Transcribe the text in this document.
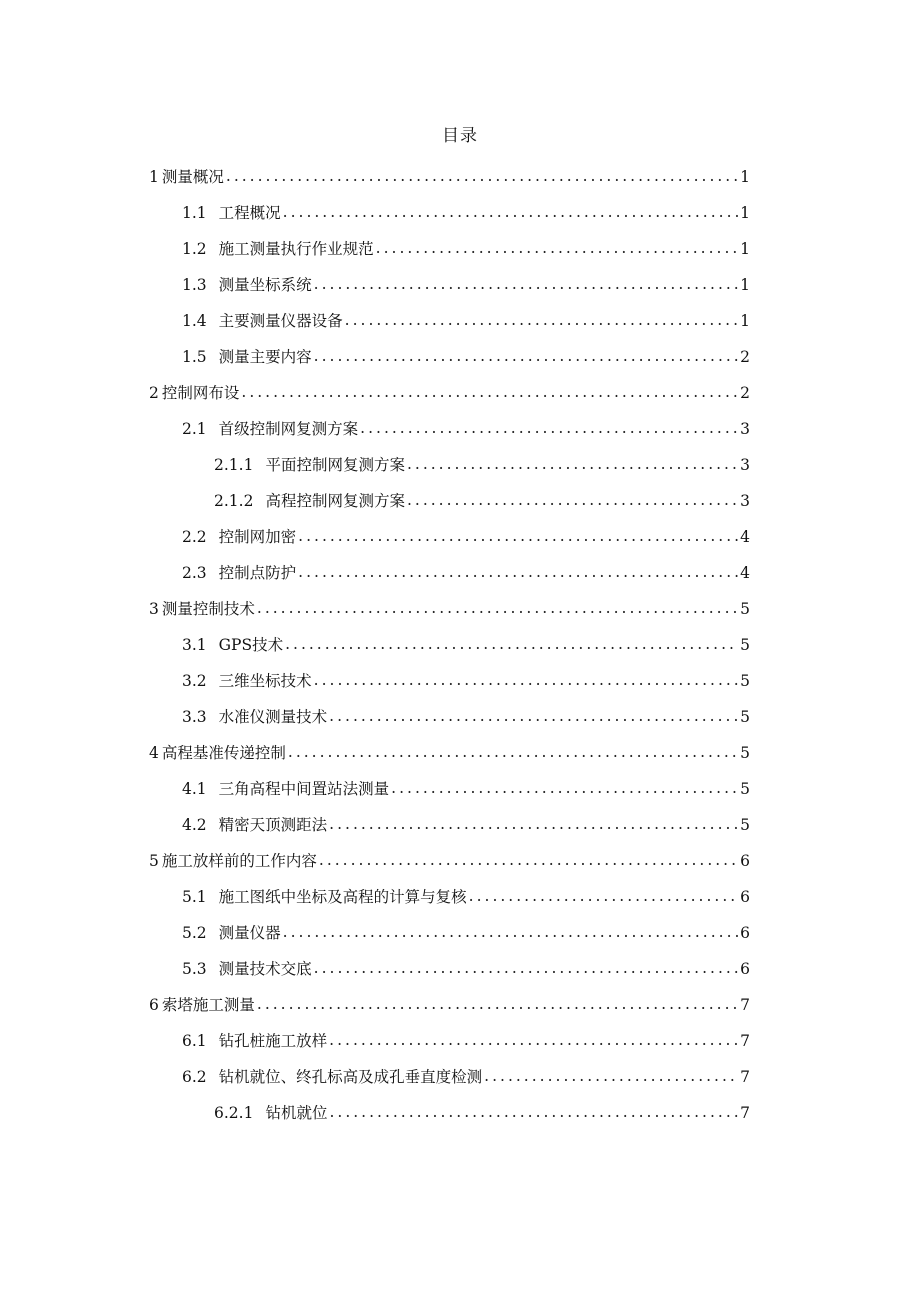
目录
1 测量概况 .....	1
1.1 工程概况 .....	1
1.2 施工测量执行作业规范 .....	1
1.3 测量坐标系统 .....	1
1.4 主要测量仪器设备 .....	1
1.5 测量主要内容 .....	2
2 控制网布设 .....	2
2.1 首级控制网复测方案 .....	3
2.1.1 平面控制网复测方案 .....	3
2.1.2 高程控制网复测方案 .....	3
2.2 控制网加密 .....	4
2.3 控制点防护 .....	4
3 测量控制技术 .....	5
3.1 GPS技术 .....	5
3.2 三维坐标技术 .....	5
3.3 水准仪测量技术 .....	5
4 高程基准传递控制 .....	5
4.1 三角高程中间置站法测量 .....	5
4.2 精密天顶测距法 .....	5
5 施工放样前的工作内容 .....	6
5.1 施工图纸中坐标及高程的计算与复核 .....	6
5.2 测量仪器 .....	6
5.3 测量技术交底 .....	6
6 索塔施工测量 .....	7
6.1 钻孔桩施工放样 .....	7
6.2 钻机就位、终孔标高及成孔垂直度检测 .....	7
6.2.1 钻机就位 .....	7
